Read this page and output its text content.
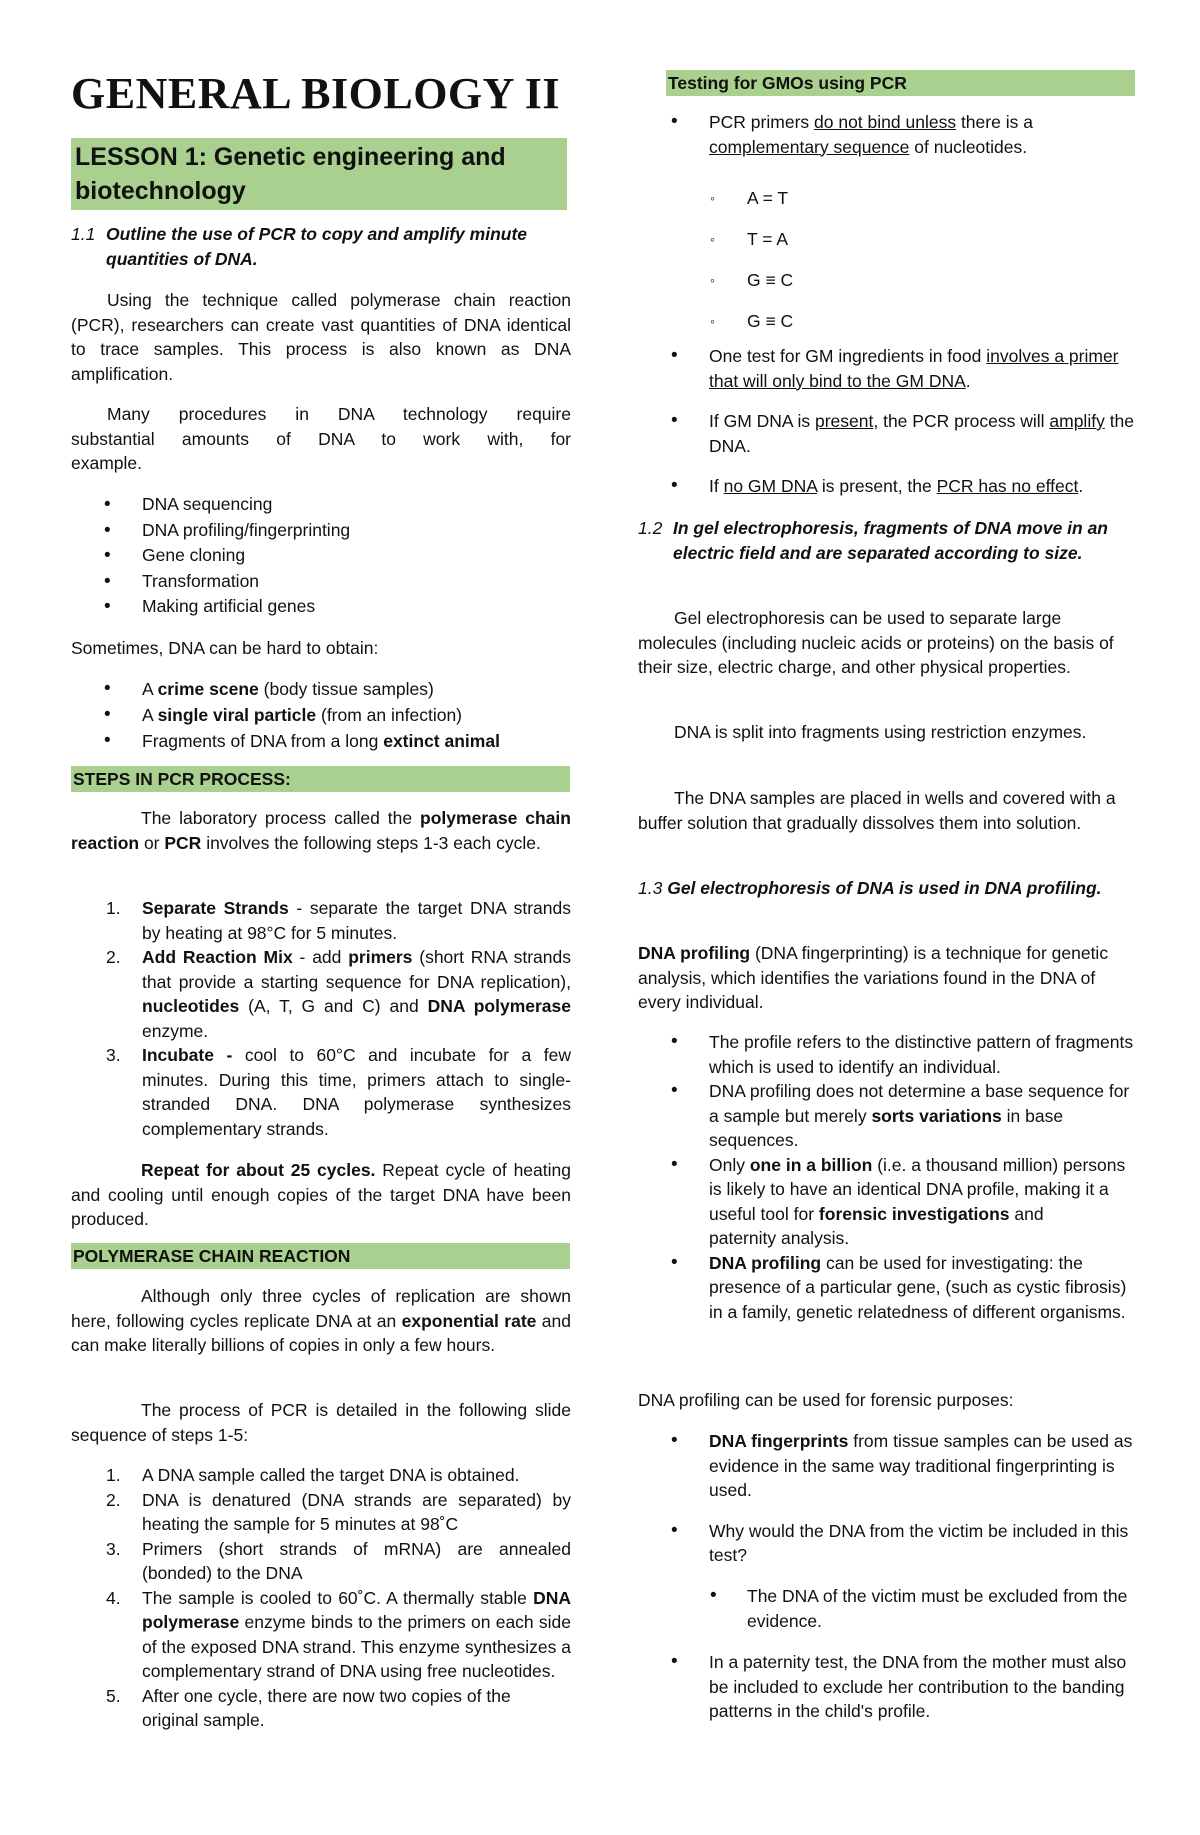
GENERAL BIOLOGY II
LESSON 1: Genetic engineering and biotechnology
1.1 Outline the use of PCR to copy and amplify minute quantities of DNA.

Using the technique called polymerase chain reaction (PCR), researchers can create vast quantities of DNA identical to trace samples. This process is also known as DNA amplification.

Many procedures in DNA technology require substantial amounts of DNA to work with, for example.

• DNA sequencing
• DNA profiling/fingerprinting
• Gene cloning
• Transformation
• Making artificial genes

Sometimes, DNA can be hard to obtain:

• A crime scene (body tissue samples)
• A single viral particle (from an infection)
• Fragments of DNA from a long extinct animal
STEPS IN PCR PROCESS:

The laboratory process called the polymerase chain reaction or PCR involves the following steps 1-3 each cycle.

1. Separate Strands - separate the target DNA strands by heating at 98°C for 5 minutes.
2. Add Reaction Mix - add primers (short RNA strands that provide a starting sequence for DNA replication), nucleotides (A, T, G and C) and DNA polymerase enzyme.
3. Incubate - cool to 60°C and incubate for a few minutes. During this time, primers attach to single-stranded DNA. DNA polymerase synthesizes complementary strands.

Repeat for about 25 cycles. Repeat cycle of heating and cooling until enough copies of the target DNA have been produced.

POLYMERASE CHAIN REACTION

Although only three cycles of replication are shown here, following cycles replicate DNA at an exponential rate and can make literally billions of copies in only a few hours.

The process of PCR is detailed in the following slide sequence of steps 1-5:

1. A DNA sample called the target DNA is obtained.
2. DNA is denatured (DNA strands are separated) by heating the sample for 5 minutes at 98˚C
3. Primers (short strands of mRNA) are annealed (bonded) to the DNA
4. The sample is cooled to 60˚C. A thermally stable DNA polymerase enzyme binds to the primers on each side of the exposed DNA strand. This enzyme synthesizes a complementary strand of DNA using free nucleotides.
5. After one cycle, there are now two copies of the original sample.
Testing for GMOs using PCR
• PCR primers do not bind unless there is a complementary sequence of nucleotides.
◦ A = T
◦ T = A
◦ G ≡ C
◦ G ≡ C
• One test for GM ingredients in food involves a primer that will only bind to the GM DNA.
• If GM DNA is present, the PCR process will amplify the DNA.
• If no GM DNA is present, the PCR has no effect.
1.2 In gel electrophoresis, fragments of DNA move in an electric field and are separated according to size.

Gel electrophoresis can be used to separate large molecules (including nucleic acids or proteins) on the basis of their size, electric charge, and other physical properties.

DNA is split into fragments using restriction enzymes.

The DNA samples are placed in wells and covered with a buffer solution that gradually dissolves them into solution.

1.3 Gel electrophoresis of DNA is used in DNA profiling.

DNA profiling (DNA fingerprinting) is a technique for genetic analysis, which identifies the variations found in the DNA of every individual.

• The profile refers to the distinctive pattern of fragments which is used to identify an individual.
• DNA profiling does not determine a base sequence for a sample but merely sorts variations in base sequences.
• Only one in a billion (i.e. a thousand million) persons is likely to have an identical DNA profile, making it a useful tool for forensic investigations and
paternity analysis.
• DNA profiling can be used for investigating: the presence of a particular gene, (such as cystic fibrosis) in a family, genetic relatedness of different organisms.

DNA profiling can be used for forensic purposes:

• DNA fingerprints from tissue samples can be used as evidence in the same way traditional fingerprinting is used.
• Why would the DNA from the victim be included in this test?
• The DNA of the victim must be excluded from the evidence.
• In a paternity test, the DNA from the mother must also be included to exclude her contribution to the banding patterns in the child's profile.
